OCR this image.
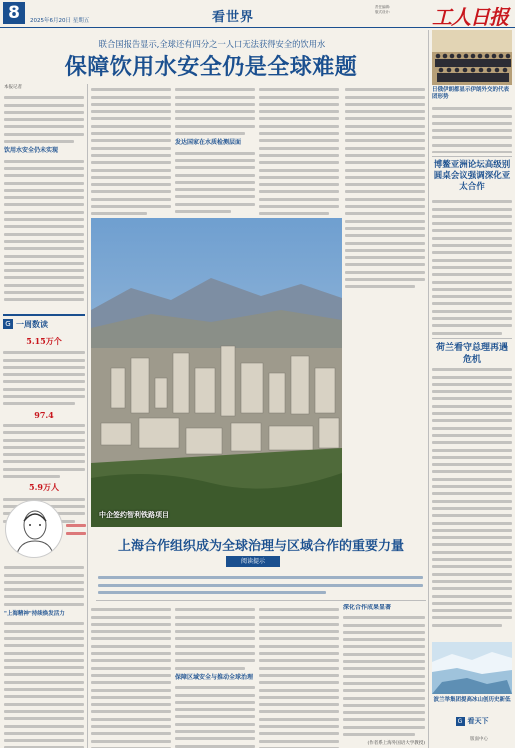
8	2025年6月20日 星期五	看世界
责任编辑:
版式设计:	工人日报
联合国报告显示,全球还有四分之一人口无法获得安全的饮用水
保障饮用水安全仍是全球难题
本报记者
饮用水安全仍未实现
G 一周数读
5.15万个
97.4
5.9万人
"上海精神"持续焕发活力
发达国家在水质检测层面
中企签约智利铁路项目
上海合作组织成为全球治理与区域合作的重要力量
阅读提示
保障区域安全与推动全球治理
深化合作成果显著
(作者系上海外国语大学教授)
日俄伊朗都显示伊朗外交的代表团形势
博鳌亚洲论坛高级别圆桌会议强调深化亚太合作
荷兰看守总理再遇危机
波兰举集团提高冰山创历史新低
G 看天下
版面中心
